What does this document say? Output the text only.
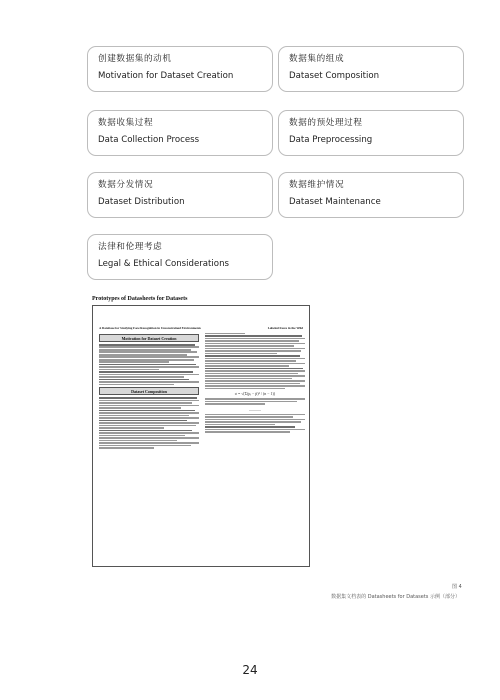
创建数据集的动机
Motivation for Dataset Creation
数据集的组成
Dataset Composition
数据收集过程
Data Collection Process
数据的预处理过程
Data Preprocessing
数据分发情况
Dataset Distribution
数据维护情况
Dataset Maintenance
法律和伦理考虑
Legal & Ethical Considerations
Prototypes of Datasheets for Datasets
A Database for Studying Face Recognition in Unconstrained Environments	Labeled Faces in the Wild
Motivation for Dataset Creation
Dataset Composition	σ = √(Σ(pᵢ − p̄)² / (n − 1))
———
图 4
数据集文档表的 Datasheets for Datasets 示例（部分）
24
